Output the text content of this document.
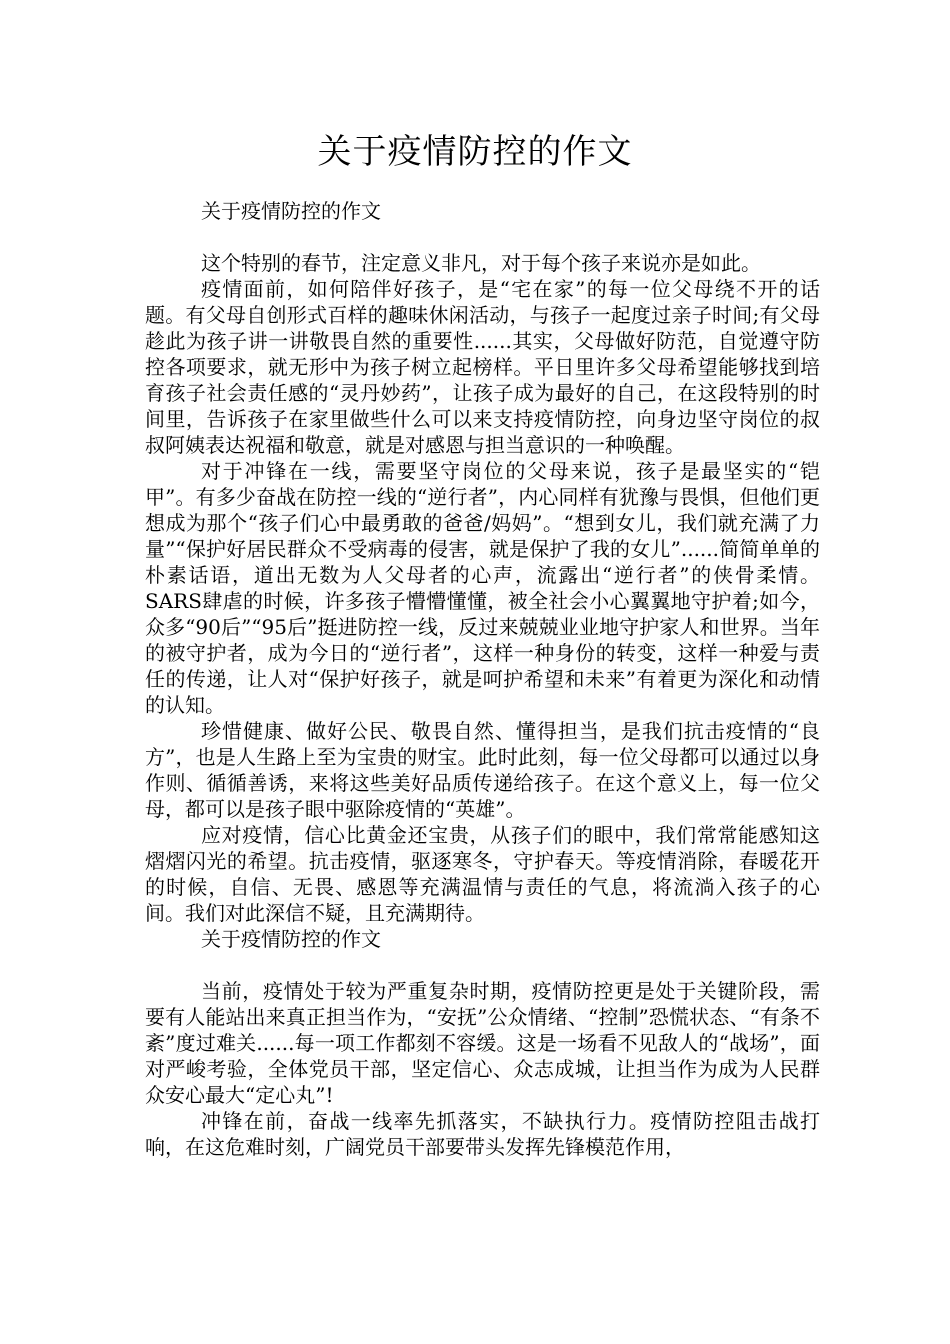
关于疫情防控的作文

关于疫情防控的作文

这个特别的春节，注定意义非凡，对于每个孩子来说亦是如此。

疫情面前，如何陪伴好孩子，是“宅在家”的每一位父母绕不开的话题。有父母自创形式百样的趣味休闲活动，与孩子一起度过亲子时间;有父母趁此为孩子讲一讲敬畏自然的重要性......其实，父母做好防范，自觉遵守防控各项要求，就无形中为孩子树立起榜样。平日里许多父母希望能够找到培育孩子社会责任感的“灵丹妙药”，让孩子成为最好的自己，在这段特别的时间里，告诉孩子在家里做些什么可以来支持疫情防控，向身边坚守岗位的叔叔阿姨表达祝福和敬意，就是对感恩与担当意识的一种唤醒。

对于冲锋在一线，需要坚守岗位的父母来说，孩子是最坚实的“铠甲”。有多少奋战在防控一线的“逆行者”，内心同样有犹豫与畏惧，但他们更想成为那个“孩子们心中最勇敢的爸爸/妈妈”。“想到女儿，我们就充满了力量”“保护好居民群众不受病毒的侵害，就是保护了我的女儿”......简简单单的朴素话语，道出无数为人父母者的心声，流露出“逆行者”的侠骨柔情。SARS肆虐的时候，许多孩子懵懵懂懂，被全社会小心翼翼地守护着;如今，众多“90后”“95后”挺进防控一线，反过来兢兢业业地守护家人和世界。当年的被守护者，成为今日的“逆行者”，这样一种身份的转变，这样一种爱与责任的传递，让人对“保护好孩子，就是呵护希望和未来”有着更为深化和动情的认知。

珍惜健康、做好公民、敬畏自然、懂得担当，是我们抗击疫情的“良方”，也是人生路上至为宝贵的财宝。此时此刻，每一位父母都可以通过以身作则、循循善诱，来将这些美好品质传递给孩子。在这个意义上，每一位父母，都可以是孩子眼中驱除疫情的“英雄”。

应对疫情，信心比黄金还宝贵，从孩子们的眼中，我们常常能感知这熠熠闪光的希望。抗击疫情，驱逐寒冬，守护春天。等疫情消除，春暖花开的时候，自信、无畏、感恩等充满温情与责任的气息，将流淌入孩子的心间。我们对此深信不疑，且充满期待。

关于疫情防控的作文

当前，疫情处于较为严重复杂时期，疫情防控更是处于关键阶段，需要有人能站出来真正担当作为，“安抚”公众情绪、“控制”恐慌状态、“有条不紊”度过难关......每一项工作都刻不容缓。这是一场看不见敌人的“战场”，面对严峻考验，全体党员干部，坚定信心、众志成城，让担当作为成为人民群众安心最大“定心丸”!

冲锋在前，奋战一线率先抓落实，不缺执行力。疫情防控阻击战打响，在这危难时刻，广阔党员干部要带头发挥先锋模范作用，
